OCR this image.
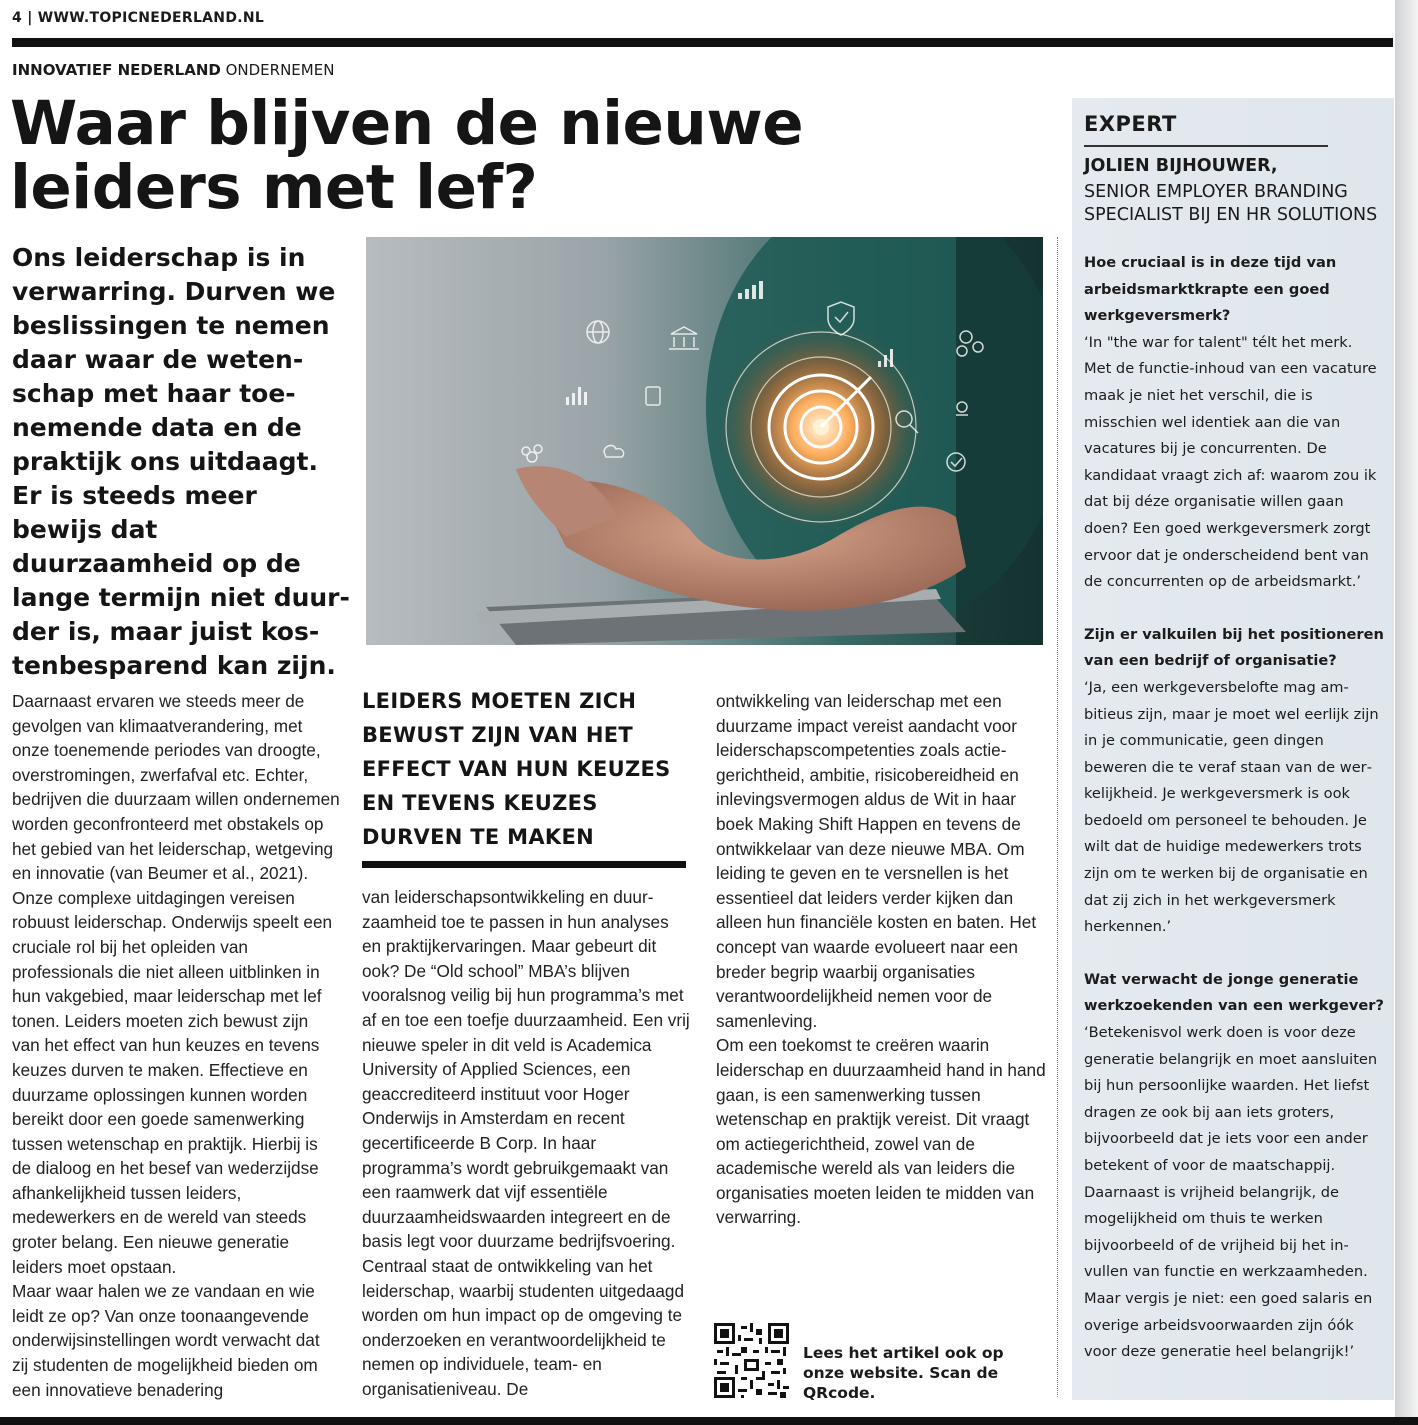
4 | WWW.TOPICNEDERLAND.NL
INNOVATIEF NEDERLAND ONDERNEMEN
Waar blijven de nieuwe leiders met lef?

Ons leiderschap is in verwarring. Durven we beslissingen te nemen daar waar de wetenschap met haar toenemende data en de praktijk ons uitdaagt. Er is steeds meer bewijs dat duurzaamheid op de lange termijn niet duurder is, maar juist kostenbesparend kan zijn.

Daarnaast ervaren we steeds meer de gevolgen van klimaatverandering, met onze toenemende periodes van droogte, overstromingen, zwerfafval etc. Echter, bedrijven die duurzaam willen ondernemen worden geconfronteerd met obstakels op het gebied van het leiderschap, wetgeving en innovatie (van Beumer et al., 2021). Onze complexe uitdagingen vereisen robuust leiderschap. Onderwijs speelt een cruciale rol bij het opleiden van professionals die niet alleen uitblinken in hun vakgebied, maar leiderschap met lef tonen. Leiders moeten zich bewust zijn van het effect van hun keuzes en tevens keuzes durven te maken. Effectieve en duurzame oplossingen kunnen worden bereikt door een goede samenwerking tussen wetenschap en praktijk. Hierbij is de dialoog en het besef van wederzijdse afhankelijkheid tussen leiders, medewerkers en de wereld van steeds groter belang. Een nieuwe generatie leiders moet opstaan.

Maar waar halen we ze vandaan en wie leidt ze op? Van onze toonaangevende onderwijsinstellingen wordt verwacht dat zij studenten de mogelijkheid bieden om een innovatieve benadering

LEIDERS MOETEN ZICH BEWUST ZIJN VAN HET EFFECT VAN HUN KEUZES EN TEVENS KEUZES DURVEN TE MAKEN

van leiderschapsontwikkeling en duurzaamheid toe te passen in hun analyses en praktijkervaringen. Maar gebeurt dit ook? De “Old school” MBA’s blijven vooralsnog veilig bij hun programma’s met af en toe een toefje duurzaamheid. Een vrij nieuwe speler in dit veld is Academica University of Applied Sciences, een geaccrediteerd instituut voor Hoger Onderwijs in Amsterdam en recent gecertificeerde B Corp. In haar programma’s wordt gebruikgemaakt van een raamwerk dat vijf essentiële duurzaamheidswaarden integreert en de basis legt voor duurzame bedrijfsvoering. Centraal staat de ontwikkeling van het leiderschap, waarbij studenten uitgedaagd worden om hun impact op de omgeving te onderzoeken en verantwoordelijkheid te nemen op individuele, team- en organisatieniveau. De

ontwikkeling van leiderschap met een duurzame impact vereist aandacht voor leiderschapscompetenties zoals actiegerichtheid, ambitie, risicobereidheid en inlevingsvermogen aldus de Wit in haar boek Making Shift Happen en tevens de ontwikkelaar van deze nieuwe MBA. Om leiding te geven en te versnellen is het essentieel dat leiders verder kijken dan alleen hun financiële kosten en baten. Het concept van waarde evolueert naar een breder begrip waarbij organisaties verantwoordelijkheid nemen voor de samenleving.

Om een toekomst te creëren waarin leiderschap en duurzaamheid hand in hand gaan, is een samenwerking tussen wetenschap en praktijk vereist. Dit vraagt om actiegerichtheid, zowel van de academische wereld als van leiders die organisaties moeten leiden te midden van verwarring.

Lees het artikel ook op onze website. Scan de QRcode.
EXPERT
JOLIEN BIJHOUWER,
SENIOR EMPLOYER BRANDING SPECIALIST BIJ EN HR SOLUTIONS

Hoe cruciaal is in deze tijd van arbeidsmarktkrapte een goed werkgeversmerk?

‘In "the war for talent" télt het merk. Met de functie-inhoud van een vacature maak je niet het verschil, die is misschien wel identiek aan die van vacatures bij je concurrenten. De kandidaat vraagt zich af: waarom zou ik dat bij déze organisatie willen gaan doen? Een goed werkgeversmerk zorgt ervoor dat je onderscheidend bent van de concurrenten op de arbeidsmarkt.’

Zijn er valkuilen bij het positioneren van een bedrijf of organisatie?

‘Ja, een werkgeversbelofte mag ambitieus zijn, maar je moet wel eerlijk zijn in je communicatie, geen dingen beweren die te veraf staan van de werkelijkheid. Je werkgeversmerk is ook bedoeld om personeel te behouden. Je wilt dat de huidige medewerkers trots zijn om te werken bij de organisatie en dat zij zich in het werkgeversmerk herkennen.’

Wat verwacht de jonge generatie werkzoekenden van een werkgever?

‘Betekenisvol werk doen is voor deze generatie belangrijk en moet aansluiten bij hun persoonlijke waarden. Het liefst dragen ze ook bij aan iets groters, bijvoorbeeld dat je iets voor een ander betekent of voor de maatschappij. Daarnaast is vrijheid belangrijk, de mogelijkheid om thuis te werken bijvoorbeeld of de vrijheid bij het invullen van functie en werkzaamheden. Maar vergis je niet: een goed salaris en overige arbeidsvoorwaarden zijn óók voor deze generatie heel belangrijk!’
